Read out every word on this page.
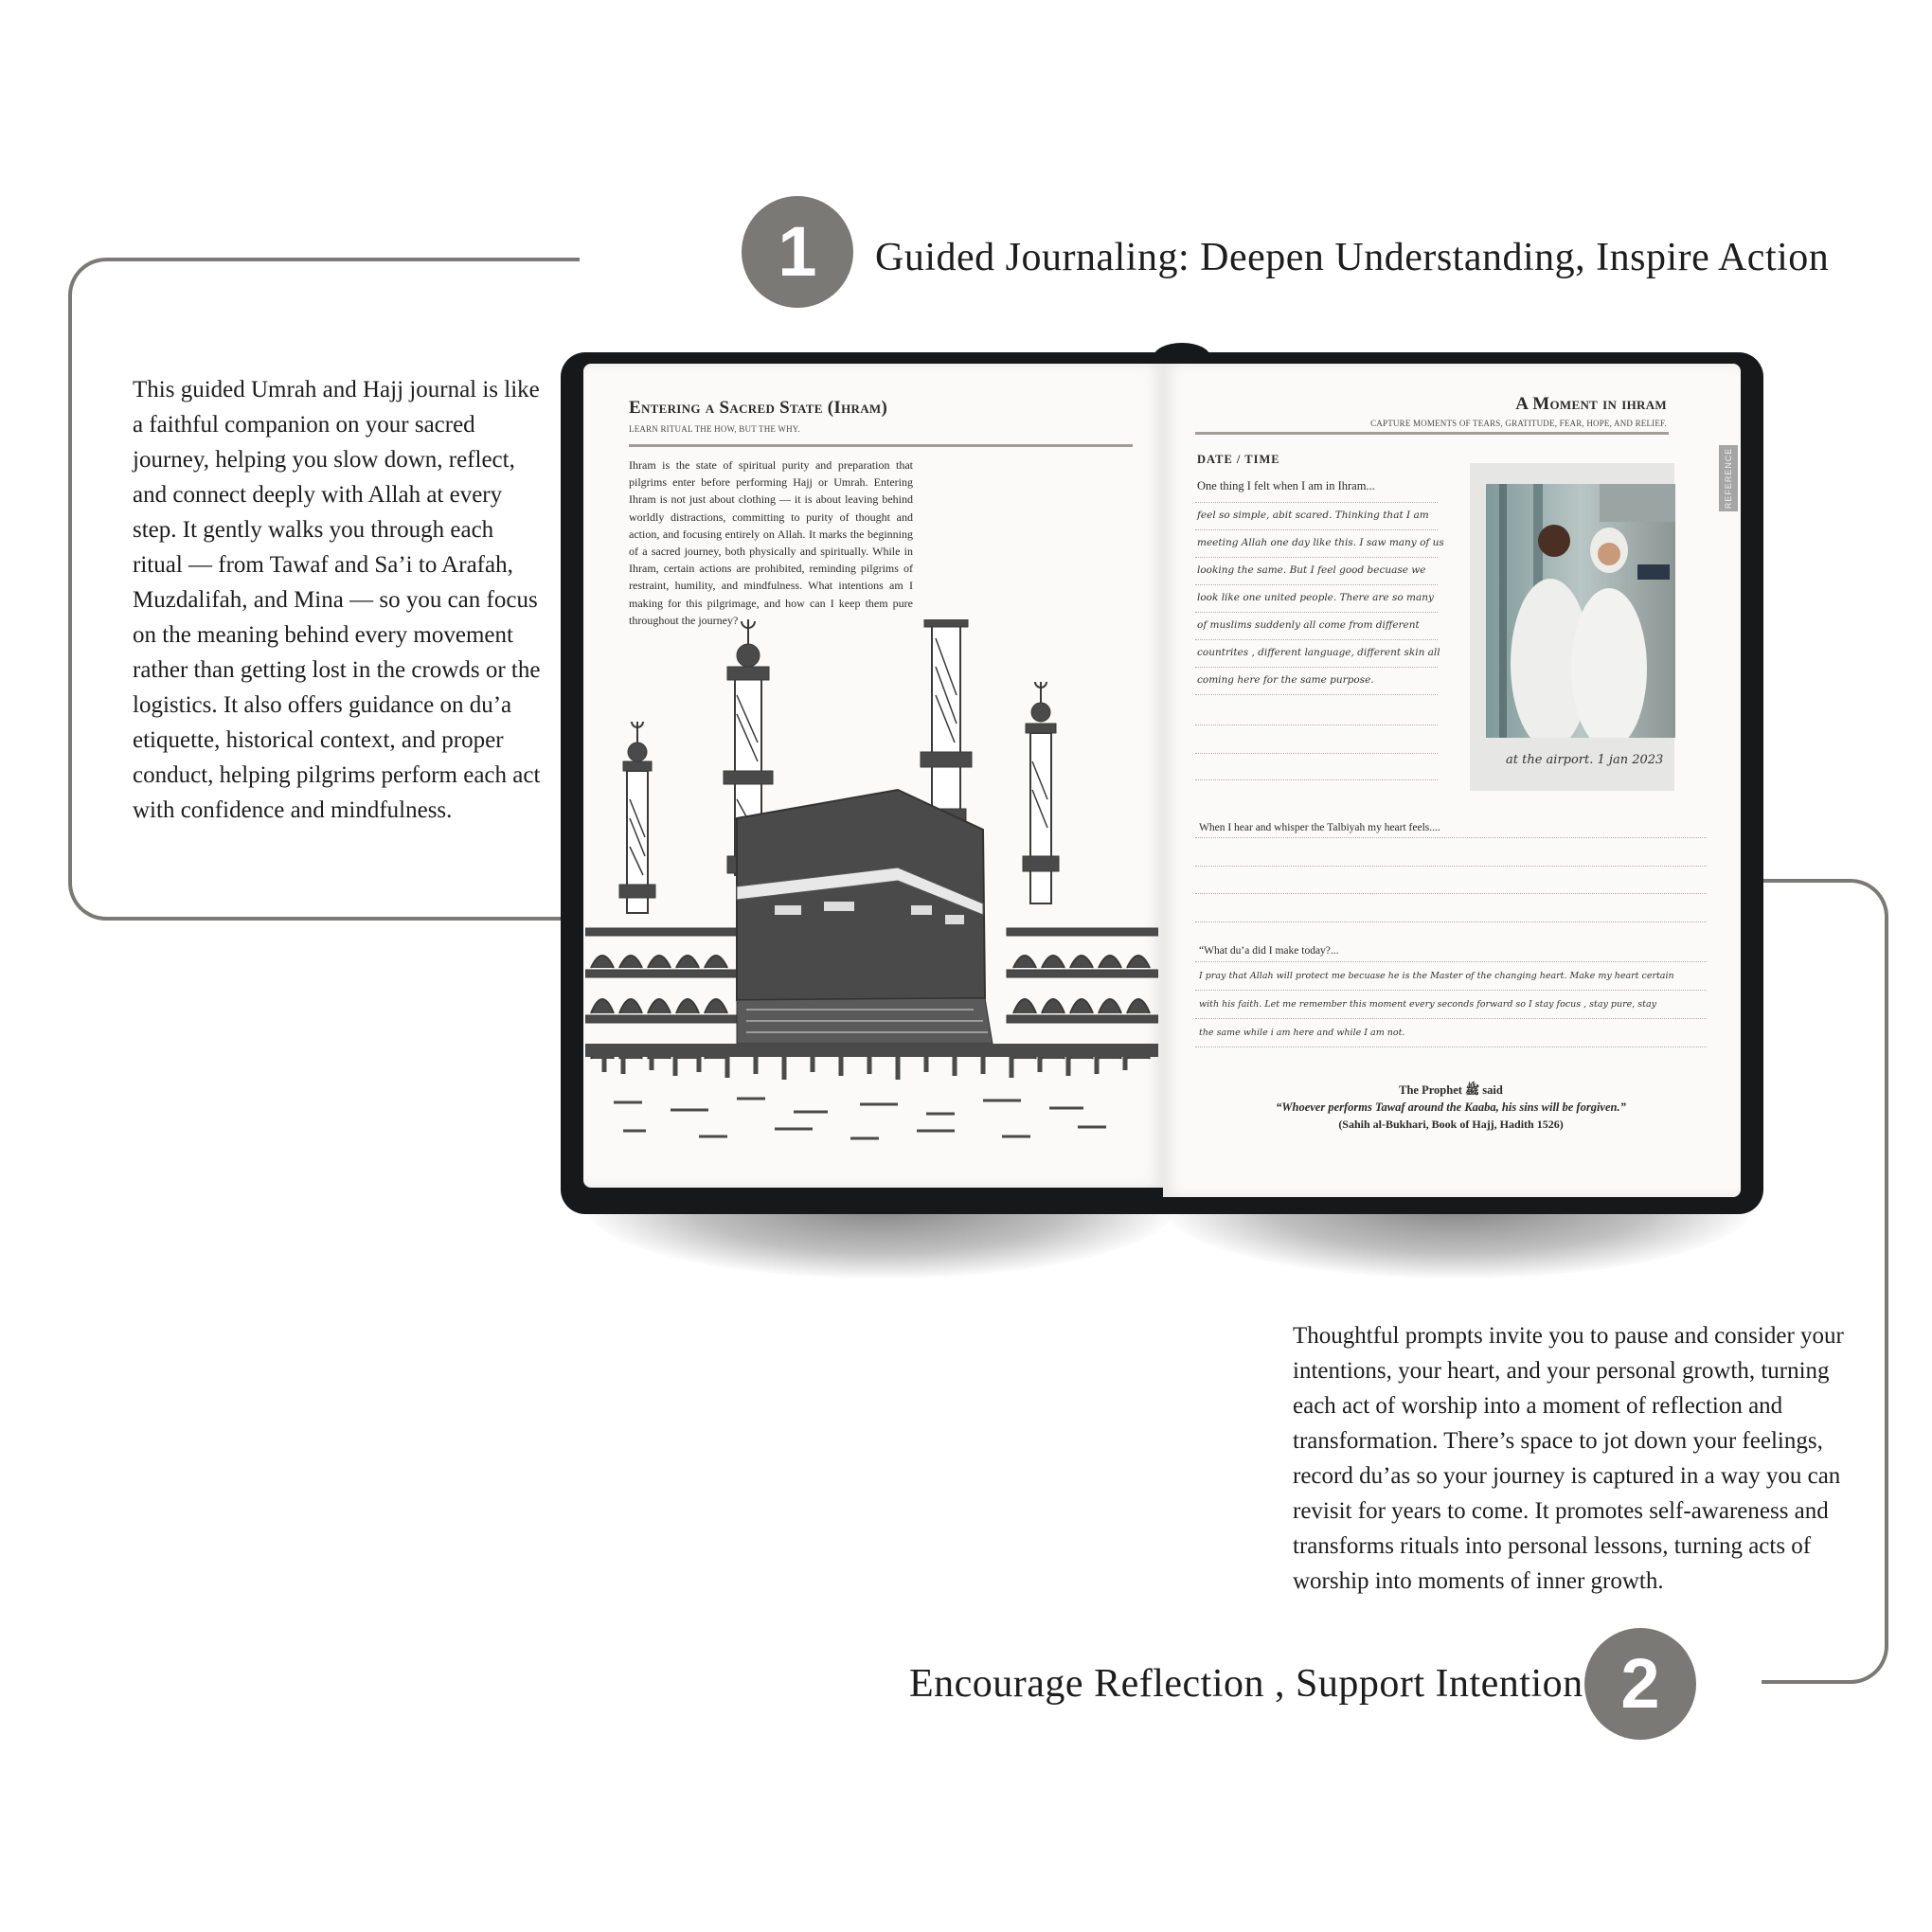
1	Guided Journaling: Deepen Understanding, Inspire Action
This guided Umrah and Hajj journal is like a faithful companion on your sacred journey, helping you slow down, reflect, and connect deeply with Allah at every step. It gently walks you through each ritual — from Tawaf and Sa’i to Arafah, Muzdalifah, and Mina — so you can focus on the meaning behind every movement rather than getting lost in the crowds or the logistics. It also offers guidance on du’a etiquette, historical context, and proper conduct, helping pilgrims perform each act with confidence and mindfulness.
Entering a Sacred State (Ihram)
LEARN RITUAL THE HOW, BUT THE WHY.
Ihram is the state of spiritual purity and preparation that pilgrims enter before performing Hajj or Umrah. Entering Ihram is not just about clothing — it is about leaving behind worldly distractions, committing to purity of thought and action, and focusing entirely on Allah. It marks the beginning of a sacred journey, both physically and spiritually. While in Ihram, certain actions are prohibited, reminding pilgrims of restraint, humility, and mindfulness. What intentions am I making for this pilgrimage, and how can I keep them pure throughout the journey?
A Moment in ihram
CAPTURE MOMENTS OF TEARS, GRATITUDE, FEAR, HOPE, AND RELIEF.
DATE / TIME
One thing I felt when I am in Ihram...
feel so simple, abit scared. Thinking that I am
meeting Allah one day like this. I saw many of us
looking the same. But I feel good becuase we
look like one united people. There are so many
of muslims suddenly all come from different
countrites , different language, different skin all
coming here for the same purpose.
When I hear and whisper the Talbiyah my heart feels....
“What du’a did I make today?...
I pray that Allah will protect me becuase he is the Master of the changing heart. Make my heart certain
with his faith. Let me remember this moment every seconds forward so I stay focus , stay pure, stay
the same while i am here and while I am not.
The Prophet ﷺ said
“Whoever performs Tawaf around the Kaaba, his sins will be forgiven.”
(Sahih al-Bukhari, Book of Hajj, Hadith 1526)
at the airport. 1 jan 2023
REFERENCE
Thoughtful prompts invite you to pause and consider your intentions, your heart, and your personal growth, turning each act of worship into a moment of reflection and transformation. There’s space to jot down your feelings, record du’as so your journey is captured in a way you can revisit for years to come. It promotes self-awareness and transforms rituals into personal lessons, turning acts of worship into moments of inner growth.
Encourage Reflection , Support Intention 2
